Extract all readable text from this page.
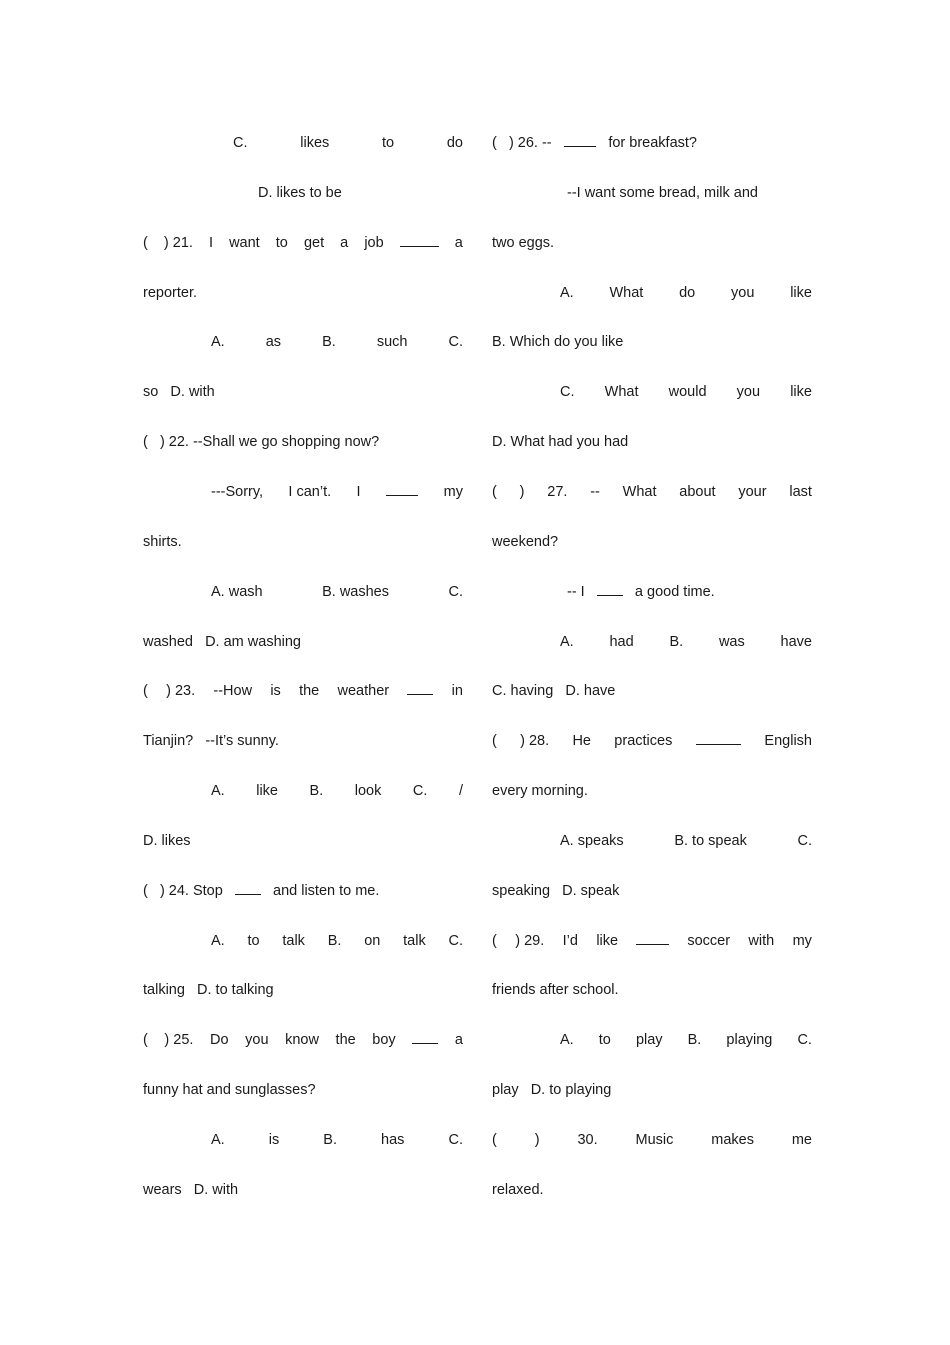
C.	likes	to	do
D. likes to be
( ) 21. I want to get a job	a
reporter.
A.	as	B.	such	C.
so D. with
( ) 22. --Shall we go shopping now?
---Sorry, I can’t. I	my
shirts.
A. wash	B. washes	C.
washed D. am washing
( ) 23. --How is the weather	in
Tianjin? --It’s sunny.
A. like B. look C. /
D. likes
( ) 24. Stop	and listen to me.
A. to talk B. on talk C.
talking D. to talking
( ) 25. Do you know the boy	a
funny hat and sunglasses?
A.	is	B.	has	C.
wears D. with
( ) 26. --	for breakfast?
--I want some bread, milk and
two eggs.
A. What do you like
B. Which do you like
C. What would you like
D. What had you had
( ) 27. -- What about your last
weekend?
-- I	a good time.
A. had B. was have
C. having D. have
( ) 28. He practices	English
every morning.
A. speaks	B. to speak	C.
speaking D. speak
( ) 29. I’d like	soccer with my
friends after school.
A. to play B. playing C.
play D. to playing
(	)	30.	Music	makes	me
relaxed.
